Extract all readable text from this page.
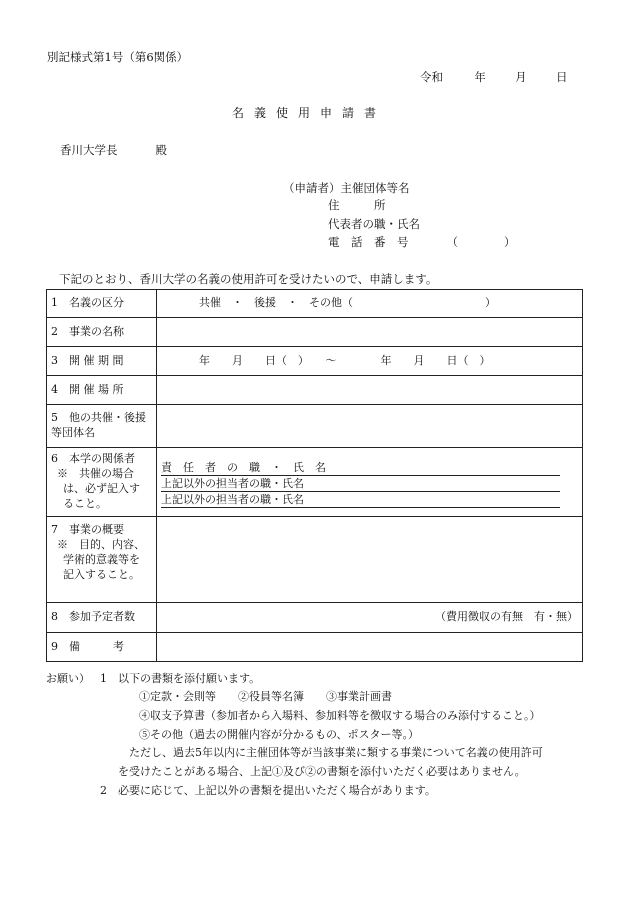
別記様式第1号（第6関係）
令和	年	月	日
名義使用申請書
香川大学長	殿
（申請者）主催団体等名
住　　　所
代表者の職・氏名
電　話　番　号	（　　　　）
下記のとおり、香川大学の名義の使用許可を受けたいので、申請します。
1　名義の区分	共催　・　後援　・　その他（　　　　　　　　　　　　）
2　事業の名称	
3　開 催 期 間	年　　月　　日（　）　　～　　　　年　　月　　日（　）
4　開 催 場 所	

5　他の共催・後援
等団体名	

6　本学の関係者
※　共催の場合
は、必ず記入す
ること。	責　任　者　の　職　・　氏　名
上記以外の担当者の職・氏名
上記以外の担当者の職・氏名

7　事業の概要
※　目的、内容、
学術的意義等を
記入すること。	

8　参加予定者数	（費用徴収の有無　有・無）
9　備　　　考	
お願い） 1　以下の書類を添付願います。
①定款・会則等　　②役員等名簿　　③事業計画書
④収支予算書（参加者から入場料、参加料等を徴収する場合のみ添付すること。）
⑤その他（過去の開催内容が分かるもの、ポスター等。）
ただし、過去5年以内に主催団体等が当該事業に類する事業について名義の使用許可
を受けたことがある場合、上記①及び②の書類を添付いただく必要はありません。
2　必要に応じて、上記以外の書類を提出いただく場合があります。
